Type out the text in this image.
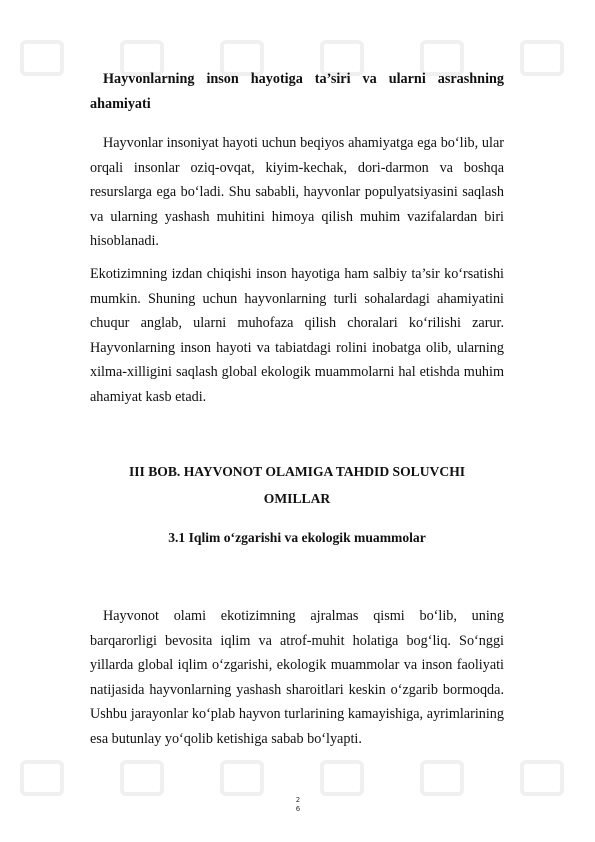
Hayvonlarning inson hayotiga ta’siri va ularni asrashning ahamiyati

Hayvonlar insoniyat hayoti uchun beqiyos ahamiyatga ega bo‘lib, ular orqali insonlar oziq-ovqat, kiyim-kechak, dori-darmon va boshqa resurslarga ega bo‘ladi. Shu sababli, hayvonlar populyatsiyasini saqlash va ularning yashash muhitini himoya qilish muhim vazifalardan biri hisoblanadi.

Ekotizimning izdan chiqishi inson hayotiga ham salbiy ta’sir ko‘rsatishi mumkin. Shuning uchun hayvonlarning turli sohalardagi ahamiyatini chuqur anglab, ularni muhofaza qilish choralari ko‘rilishi zarur. Hayvonlarning inson hayoti va tabiatdagi rolini inobatga olib, ularning xilma-xilligini saqlash global ekologik muammolarni hal etishda muhim ahamiyat kasb etadi.

III BOB. HAYVONOT OLAMIGA TAHDID SOLUVCHI

OMILLAR

3.1 Iqlim o‘zgarishi va ekologik muammolar

Hayvonot olami ekotizimning ajralmas qismi bo‘lib, uning barqarorligi bevosita iqlim va atrof-muhit holatiga bog‘liq. So‘nggi yillarda global iqlim o‘zgarishi, ekologik muammolar va inson faoliyati natijasida hayvonlarning yashash sharoitlari keskin o‘zgarib bormoqda. Ushbu jarayonlar ko‘plab hayvon turlarining kamayishiga, ayrimlarining esa butunlay yo‘qolib ketishiga sabab bo‘lyapti.

2
6
